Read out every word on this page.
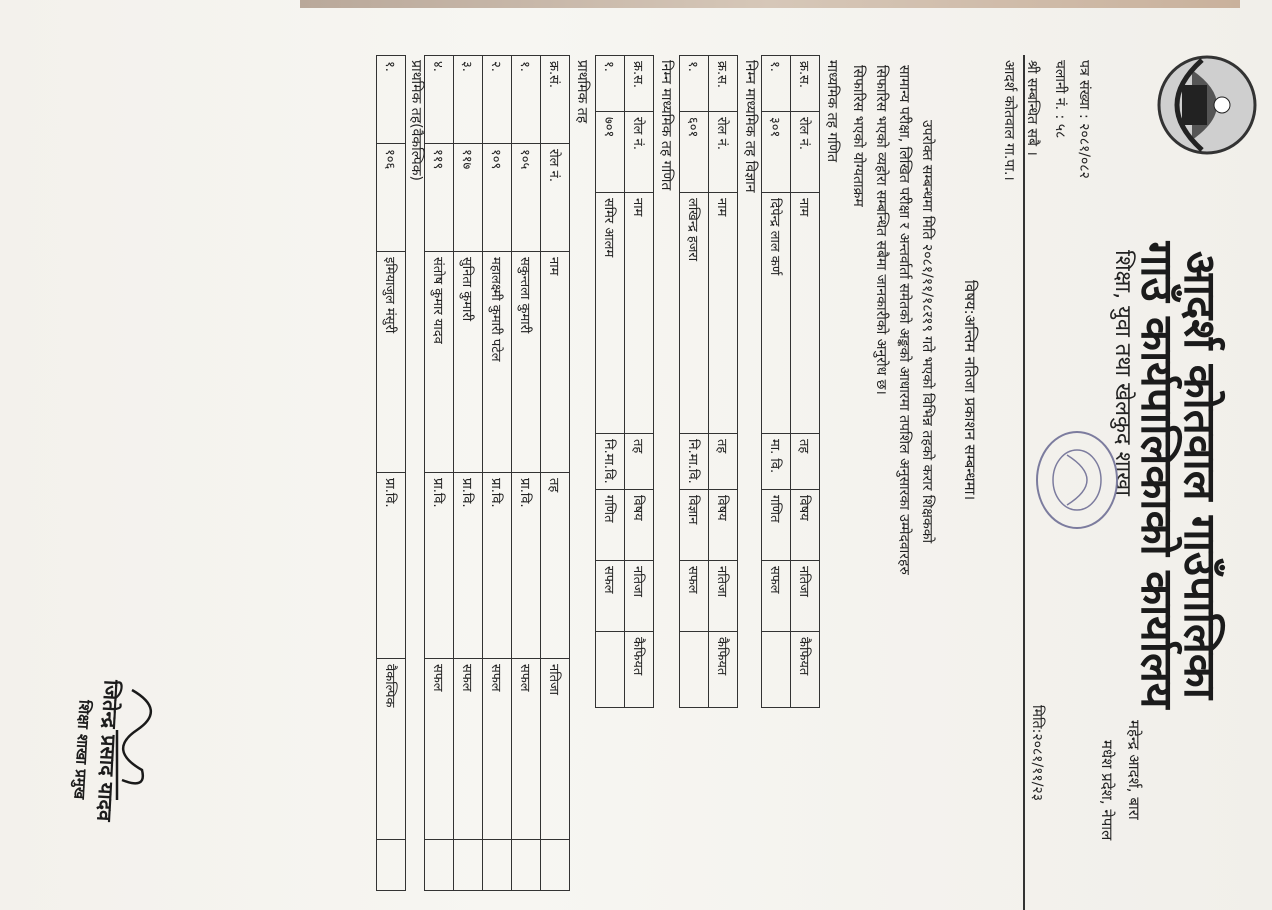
आदर्श कोतवाल गाउँपालिका
गाउँ कार्यपालिकाको कार्यालय
शिक्षा, युवा तथा खेलकुद शाखा
महेन्द्र आदर्श, बारा
मधेश प्रदेश, नेपाल
पत्र संख्या : २०८१/०८२
चलानी नं. : ५८
मिति:२०८१/११/२३
श्री सम्बन्धित सबै ।
आदर्श कोतवाल गा.पा.।
विषय:अन्तिम नतिजा प्रकाशन सम्बन्धमा।
उपरोक्त सम्बन्धमा मिति २०८१/११/१८र१९ गते भएको विभिन्न तहको करार शिक्षकको
सामान्य परीक्षा, लिखित परीक्षा र अन्तर्वार्ता समेतको अङ्कको आधारमा तपशिल अनुसारका उम्मेदवारहरु
सिफारिस भएको व्यहोरा सम्बन्धित सबैमा जानकारीको अनुरोध छ।
सिफारिस भएको योग्यताक्रम
माध्यमिक तह गणित
क्र.स.	रोल नं.	नाम	तह	विषय	नतिजा	कैफियत
१.	३०१	दिपेन्द्र लाल कर्ण	मा. वि.	गणित	सफल	
निम्न माध्यमिक तह विज्ञान
क्र.स.	रोल नं.	नाम	तह	विषय	नतिजा	कैफियत
१.	६०१	लखिन्द्र हजरा	नि.मा.वि.	विज्ञान	सफल	
निम्न माध्यमिक तह गणित
क्र.स.	रोल नं.	नाम	तह	विषय	नतिजा	कैफियत
१.	७०१	समिर आलम	नि.मा.वि.	गणित	सफल	
प्राथमिक तह
क्र.सं.	रोल नं.	नाम	तह	नतिजा	
१.	१०५	सकुन्तला कुमारी	प्रा.वि.	सफल	
२.	१०९	महालक्ष्मी कुमारी पटेल	प्रा.वि.	सफल	
३.	११७	सुनिता कुमारी	प्रा.वि.	सफल	
४.	११९	संतोष कुमार यादव	प्रा.वि.	सफल	
प्राथमिक तह(वैकल्पिक)
१.	१०६	इमियाजुल मंसुरी	प्रा.वि.	वैकल्पिक	
जितेन्द्र प्रसाद यादव
शिक्षा शाखा प्रमुख
